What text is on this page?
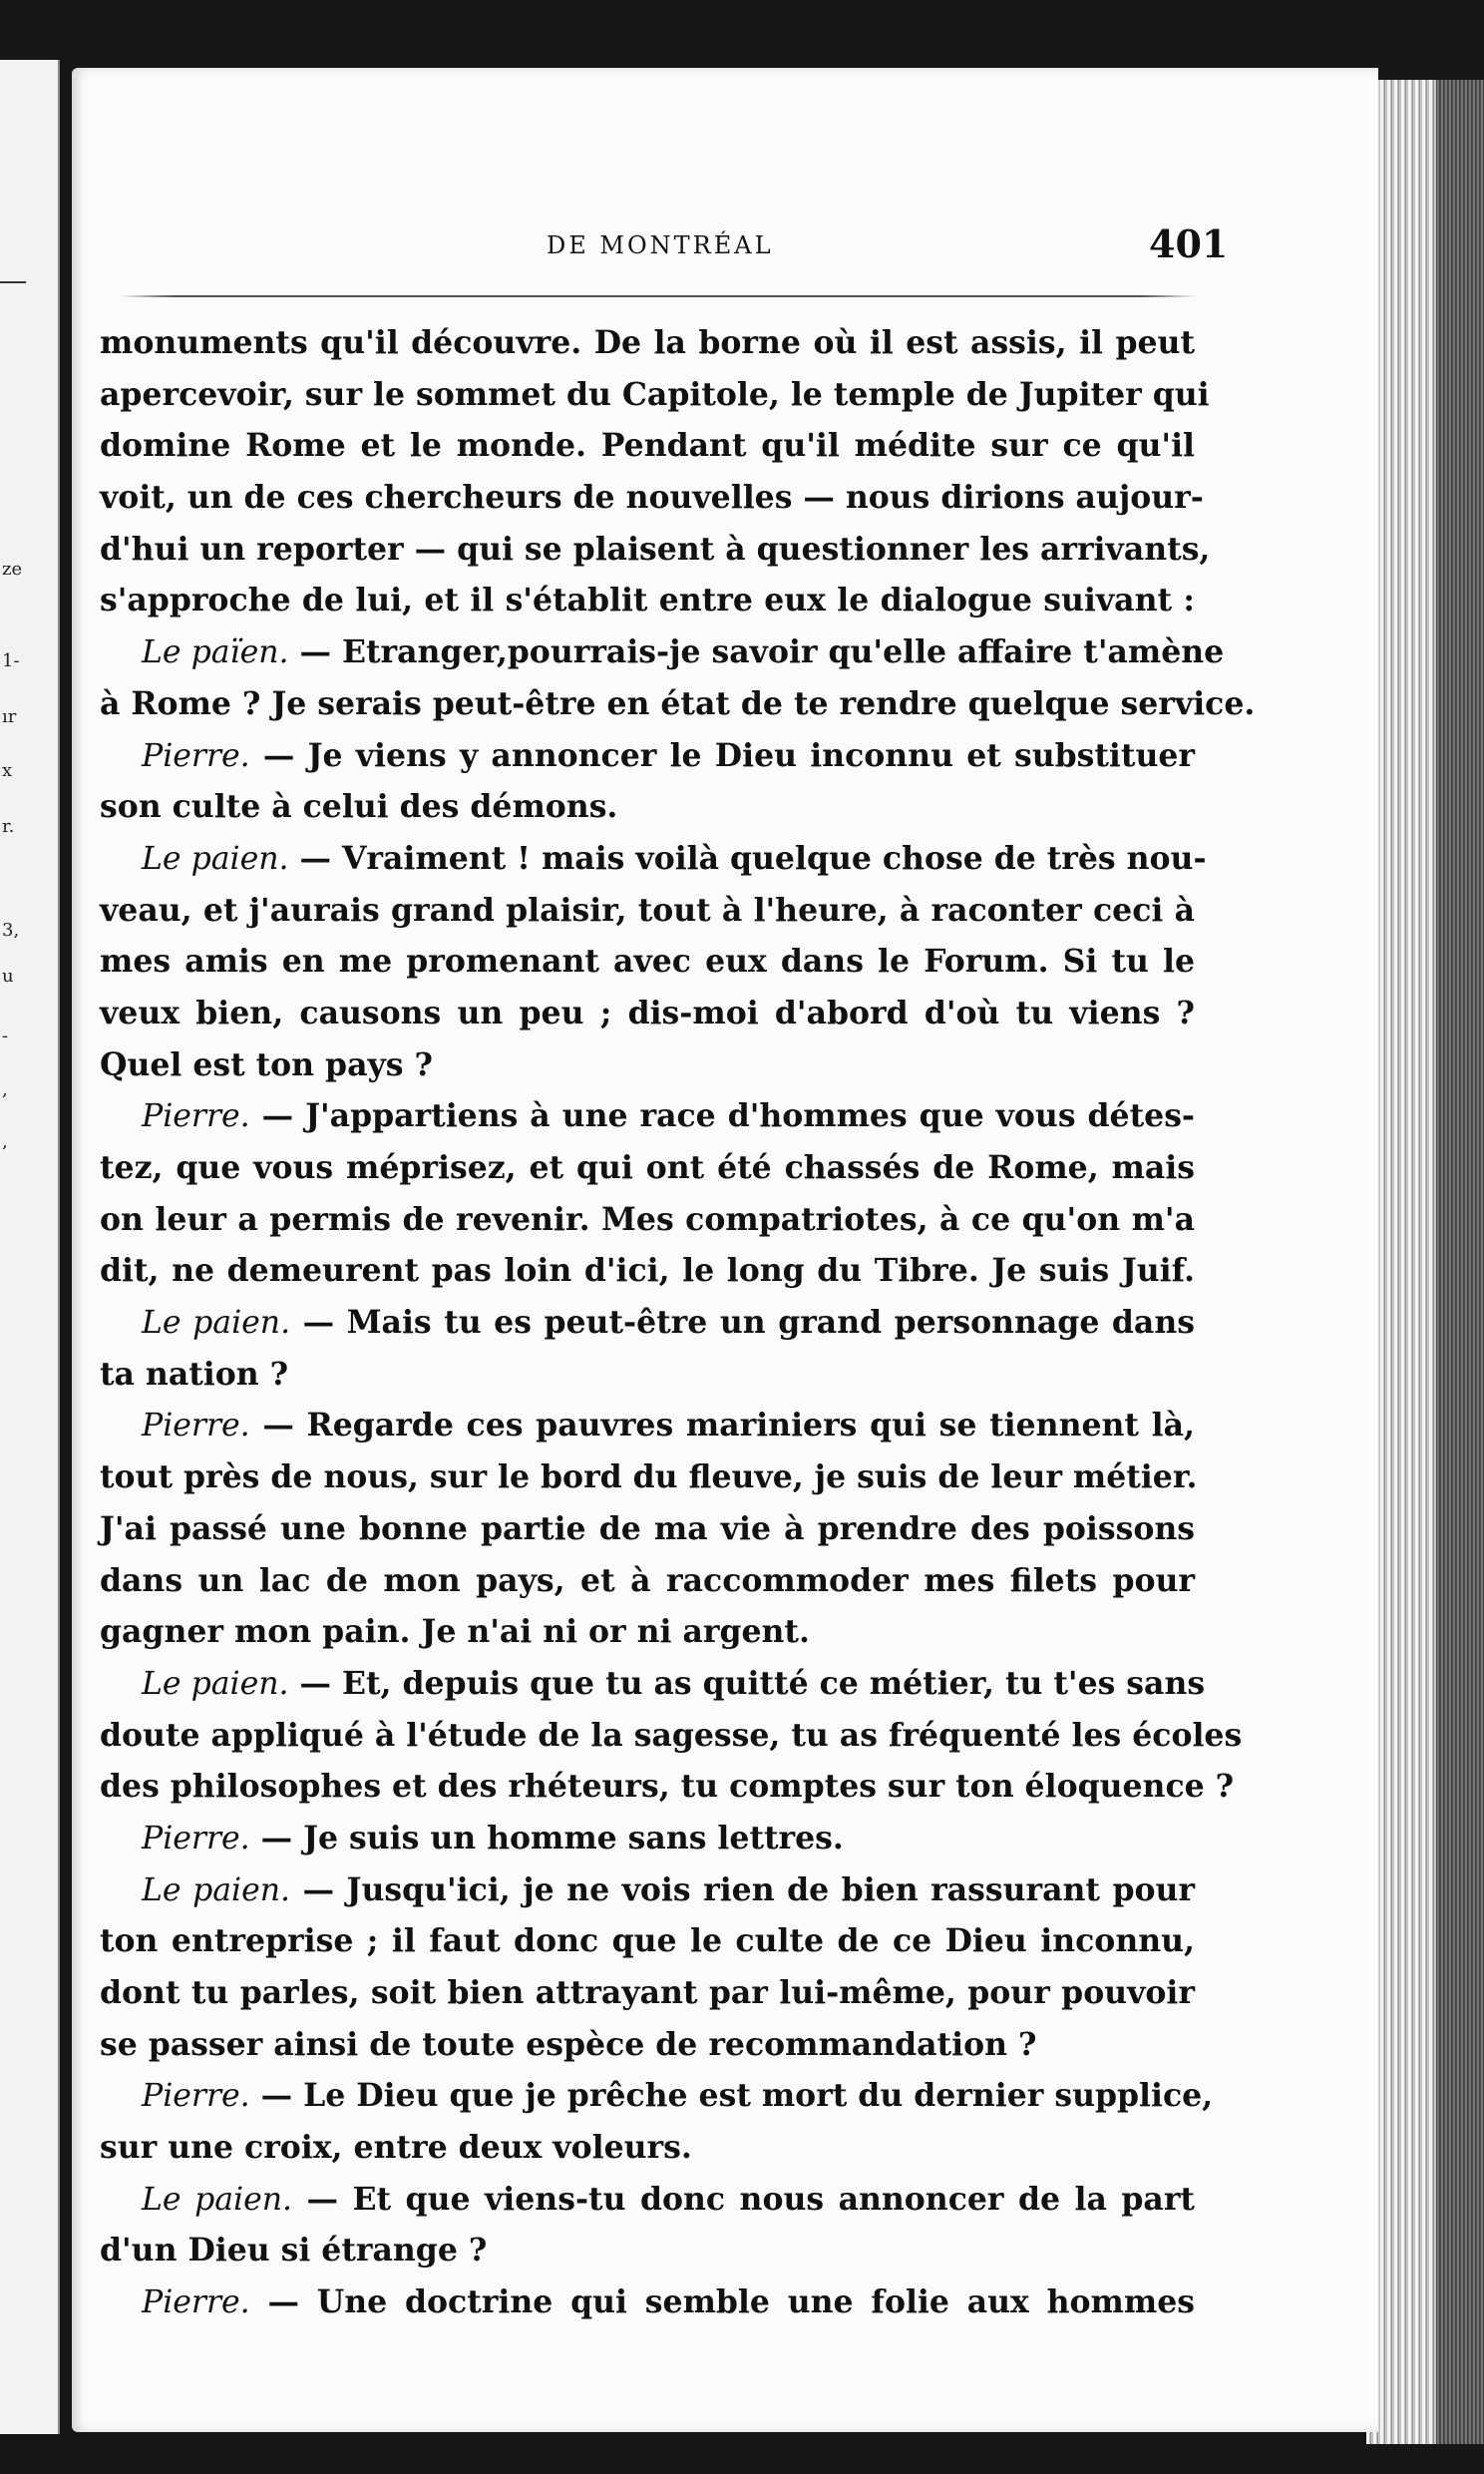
ze
1-
ır
x
r.
3,
u
-
,
,
DE MONTRÉAL	401
monuments qu'il découvre. De la borne où il est assis, il peut
apercevoir, sur le sommet du Capitole, le temple de Jupiter qui
domine Rome et le monde. Pendant qu'il médite sur ce qu'il
voit, un de ces chercheurs de nouvelles — nous dirions aujour-
d'hui un reporter — qui se plaisent à questionner les arrivants,
s'approche de lui, et il s'établit entre eux le dialogue suivant :
Le païen. — Etranger,pourrais-je savoir qu'elle affaire t'amène
à Rome ? Je serais peut-être en état de te rendre quelque service.
Pierre. — Je viens y annoncer le Dieu inconnu et substituer
son culte à celui des démons.
Le paien. — Vraiment ! mais voilà quelque chose de très nou-
veau, et j'aurais grand plaisir, tout à l'heure, à raconter ceci à
mes amis en me promenant avec eux dans le Forum. Si tu le
veux bien, causons un peu ; dis-moi d'abord d'où tu viens ?
Quel est ton pays ?
Pierre. — J'appartiens à une race d'hommes que vous détes-
tez, que vous méprisez, et qui ont été chassés de Rome, mais
on leur a permis de revenir. Mes compatriotes, à ce qu'on m'a
dit, ne demeurent pas loin d'ici, le long du Tibre. Je suis Juif.
Le paien. — Mais tu es peut-être un grand personnage dans
ta nation ?
Pierre. — Regarde ces pauvres mariniers qui se tiennent là,
tout près de nous, sur le bord du fleuve, je suis de leur métier.
J'ai passé une bonne partie de ma vie à prendre des poissons
dans un lac de mon pays, et à raccommoder mes filets pour
gagner mon pain. Je n'ai ni or ni argent.
Le paien. — Et, depuis que tu as quitté ce métier, tu t'es sans
doute appliqué à l'étude de la sagesse, tu as fréquenté les écoles
des philosophes et des rhéteurs, tu comptes sur ton éloquence ?
Pierre. — Je suis un homme sans lettres.
Le paien. — Jusqu'ici, je ne vois rien de bien rassurant pour
ton entreprise ; il faut donc que le culte de ce Dieu inconnu,
dont tu parles, soit bien attrayant par lui-même, pour pouvoir
se passer ainsi de toute espèce de recommandation ?
Pierre. — Le Dieu que je prêche est mort du dernier supplice,
sur une croix, entre deux voleurs.
Le paien. — Et que viens-tu donc nous annoncer de la part
d'un Dieu si étrange ?
Pierre. — Une doctrine qui semble une folie aux hommes
